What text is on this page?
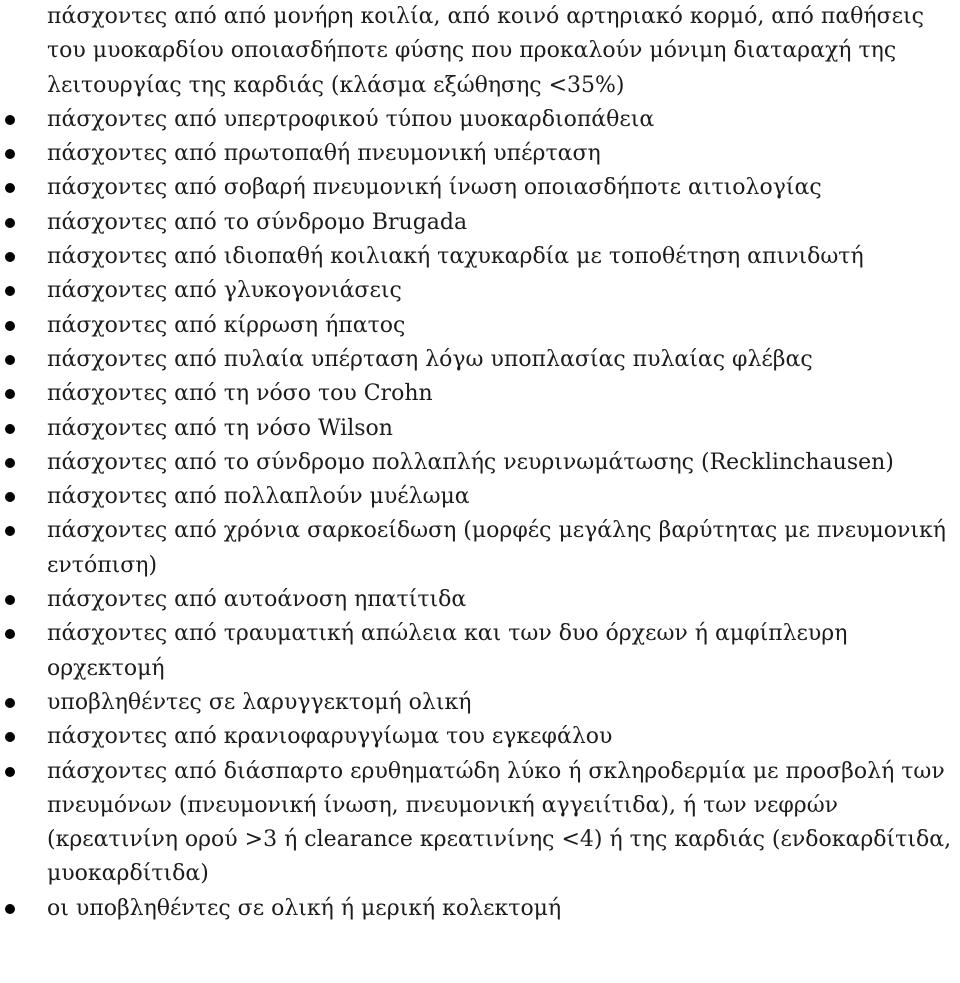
πάσχοντες από από μονήρη κοιλία, από κοινό αρτηριακό κορμό, από παθήσεις του μυοκαρδίου οποιασδήποτε φύσης που προκαλούν μόνιμη διαταραχή της λειτουργίας της καρδιάς (κλάσμα εξώθησης <35%)
πάσχοντες από υπερτροφικού τύπου μυοκαρδιοπάθεια
πάσχοντες από πρωτοπαθή πνευμονική υπέρταση
πάσχοντες από σοβαρή πνευμονική ίνωση οποιασδήποτε αιτιολογίας
πάσχοντες από το σύνδρομο Brugada
πάσχοντες από ιδιοπαθή κοιλιακή ταχυκαρδία με τοποθέτηση απινιδωτή
πάσχοντες από γλυκογονιάσεις
πάσχοντες από κίρρωση ήπατος
πάσχοντες από πυλαία υπέρταση λόγω υποπλασίας πυλαίας φλέβας
πάσχοντες από τη νόσο του Crohn
πάσχοντες από τη νόσο Wilson
πάσχοντες από το σύνδρομο πολλαπλής νευρινωμάτωσης (Recklinchausen)
πάσχοντες από πολλαπλούν μυέλωμα
πάσχοντες από χρόνια σαρκοείδωση (μορφές μεγάλης βαρύτητας με πνευμονική εντόπιση)
πάσχοντες από αυτοάνοση ηπατίτιδα
πάσχοντες από τραυματική απώλεια και των δυο όρχεων ή αμφίπλευρη ορχεκτομή
υποβληθέντες σε λαρυγγεκτομή ολική
πάσχοντες από κρανιοφαρυγγίωμα του εγκεφάλου
πάσχοντες από διάσπαρτο ερυθηματώδη λύκο ή σκληροδερμία με προσβολή των πνευμόνων (πνευμονική ίνωση, πνευμονική αγγειίτιδα), ή των νεφρών (κρεατινίνη ορού >3 ή clearance κρεατινίνης <4) ή της καρδιάς (ενδοκαρδίτιδα, μυοκαρδίτιδα)
οι υποβληθέντες σε ολική ή μερική κολεκτομή
